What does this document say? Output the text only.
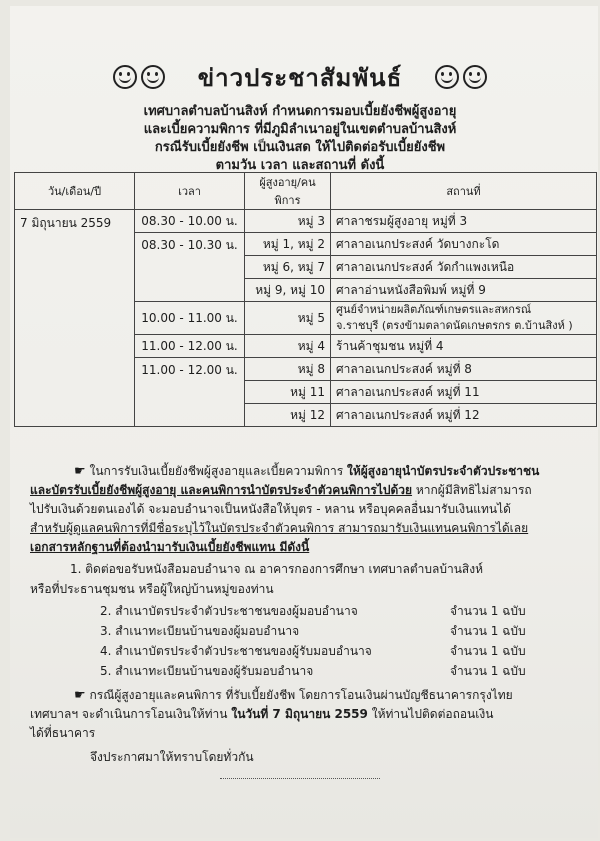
ข่าวประชาสัมพันธ์
เทศบาลตำบลบ้านสิงห์ กำหนดการมอบเบี้ยยังชีพผู้สูงอายุ
และเบี้ยความพิการ ที่มีภูมิลำเนาอยู่ในเขตตำบลบ้านสิงห์
กรณีรับเบี้ยยังชีพ เป็นเงินสด ให้ไปติดต่อรับเบี้ยยังชีพ
ตามวัน เวลา และสถานที่ ดังนี้
วัน/เดือน/ปี	เวลา	ผู้สูงอายุ/คนพิการ	สถานที่
7 มิถุนายน 2559	08.30 - 10.00 น.	หมู่ 3	ศาลาชรมผู้สูงอายุ หมู่ที่ 3
	08.30 - 10.30 น.	หมู่ 1, หมู่ 2	ศาลาอเนกประสงค์ วัดบางกะโด
		หมู่ 6, หมู่ 7	ศาลาอเนกประสงค์ วัดกำแพงเหนือ
		หมู่ 9, หมู่ 10	ศาลาอ่านหนังสือพิมพ์ หมู่ที่ 9
	10.00 - 11.00 น.	หมู่ 5	ศูนย์จำหน่ายผลิตภัณฑ์เกษตรและสหกรณ์
จ.ราชบุรี (ตรงข้ามตลาดนัดเกษตรกร ต.บ้านสิงห์ )

	11.00 - 12.00 น.	หมู่ 4	ร้านค้าชุมชน หมู่ที่ 4
	11.00 - 12.00 น.	หมู่ 8	ศาลาอเนกประสงค์ หมู่ที่ 8
		หมู่ 11	ศาลาอเนกประสงค์ หมู่ที่ 11
		หมู่ 12	ศาลาอเนกประสงค์ หมู่ที่ 12
☛ ในการรับเงินเบี้ยยังชีพผู้สูงอายุและเบี้ยความพิการ ให้ผู้สูงอายุนำบัตรประจำตัวประชาชน
และบัตรรับเบี้ยยังชีพผู้สูงอายุ และคนพิการนำบัตรประจำตัวคนพิการไปด้วย หากผู้มีสิทธิไม่สามารถ
ไปรับเงินด้วยตนเองได้ จะมอบอำนาจเป็นหนังสือให้บุตร - หลาน หรือบุคคลอื่นมารับเงินแทนได้
สำหรับผู้ดูแลคนพิการที่มีชื่อระบุไว้ในบัตรประจำตัวคนพิการ สามารถมารับเงินแทนคนพิการได้เลย
เอกสารหลักฐานที่ต้องนำมารับเงินเบี้ยยังชีพแทน มีดังนี้
1. ติดต่อขอรับหนังสือมอบอำนาจ ณ อาคารกองการศึกษา เทศบาลตำบลบ้านสิงห์
หรือที่ประธานชุมชน หรือผู้ใหญ่บ้านหมู่ของท่าน
2. สำเนาบัตรประจำตัวประชาชนของผู้มอบอำนาจ	จำนวน 1 ฉบับ
3. สำเนาทะเบียนบ้านของผู้มอบอำนาจ	จำนวน 1 ฉบับ
4. สำเนาบัตรประจำตัวประชาชนของผู้รับมอบอำนาจ	จำนวน 1 ฉบับ
5. สำเนาทะเบียนบ้านของผู้รับมอบอำนาจ	จำนวน 1 ฉบับ
☛ กรณีผู้สูงอายุและคนพิการ ที่รับเบี้ยยังชีพ โดยการโอนเงินผ่านบัญชีธนาคารกรุงไทย
เทศบาลฯ จะดำเนินการโอนเงินให้ท่าน ในวันที่ 7 มิถุนายน 2559 ให้ท่านไปติดต่อถอนเงิน
ได้ที่ธนาคาร
จึงประกาศมาให้ทราบโดยทั่วกัน
